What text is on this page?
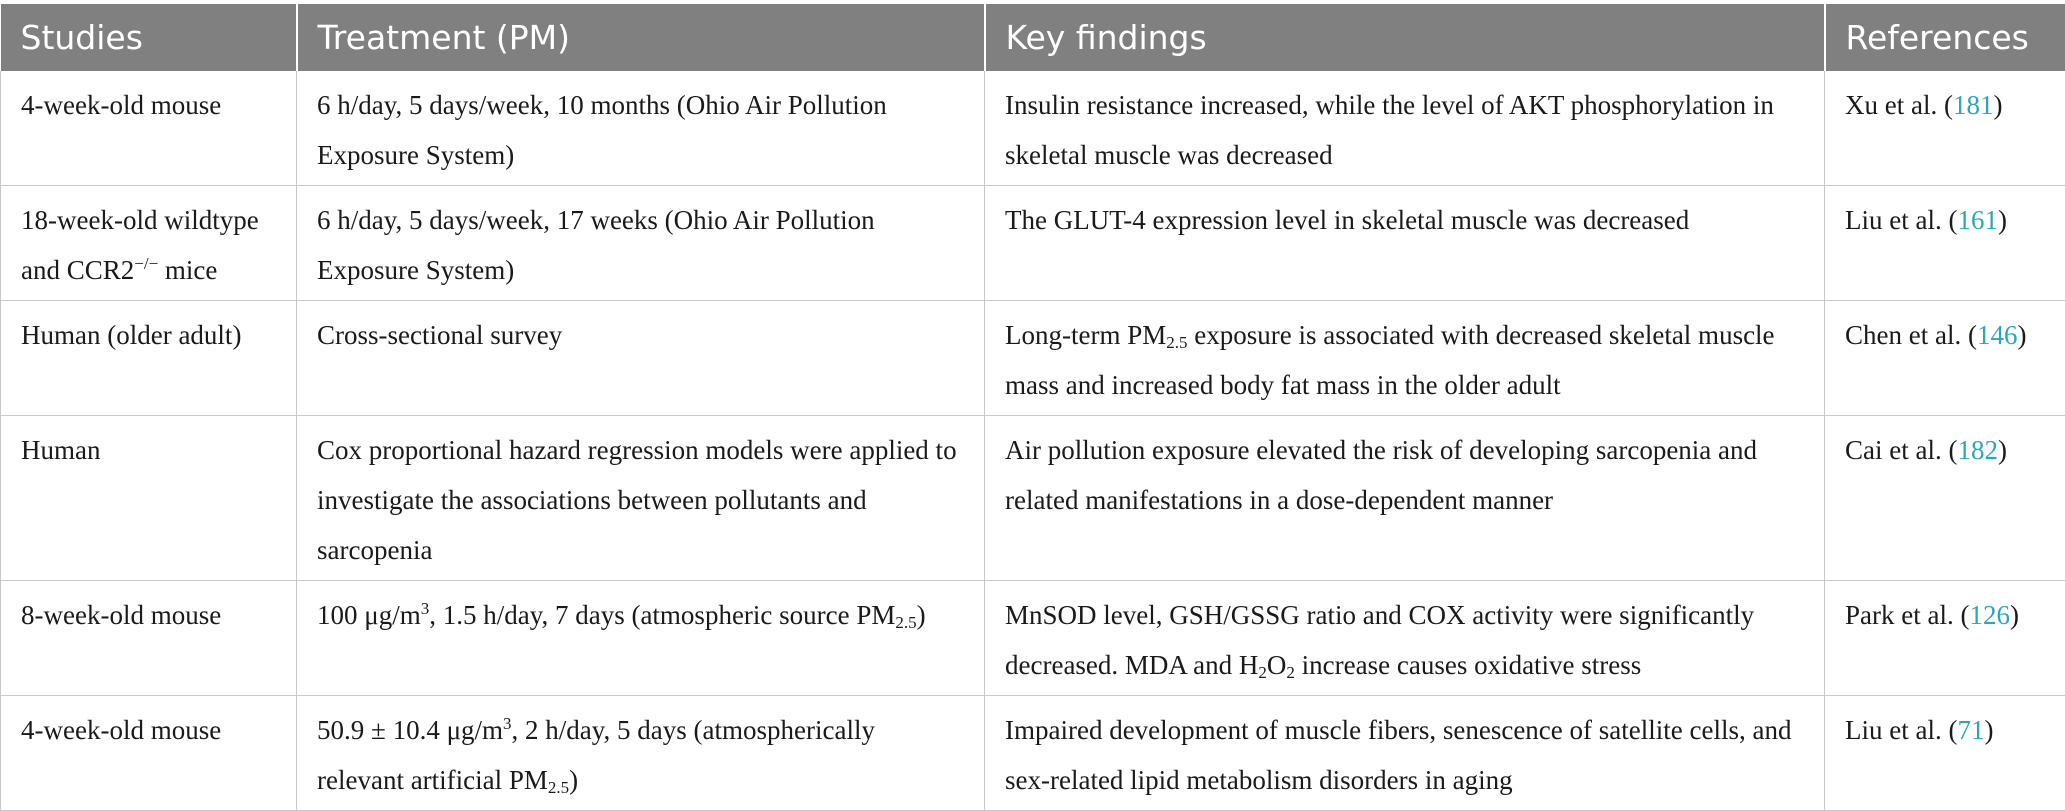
Studies	Treatment (PM)	Key findings	References
4-week-old mouse	6 h/day, 5 days/week, 10 months (Ohio Air Pollution Exposure System)	Insulin resistance increased, while the level of AKT phosphorylation in skeletal muscle was decreased	Xu et al. (181)
18-week-old wildtype and CCR2−/− mice	6 h/day, 5 days/week, 17 weeks (Ohio Air Pollution Exposure System)	The GLUT-4 expression level in skeletal muscle was decreased	Liu et al. (161)
Human (older adult)	Cross-sectional survey	Long-term $PM_{2.5}$ exposure is associated with decreased skeletal muscle mass and increased body fat mass in the older adult	Chen et al. (146)
Human	Cox proportional hazard regression models were applied to investigate the associations between pollutants and sarcopenia	Air pollution exposure elevated the risk of developing sarcopenia and related manifestations in a dose-dependent manner	Cai et al. (182)
8-week-old mouse	100 $\mu g/m^3$, 1.5 h/day, 7 days (atmospheric source $PM_{2.5}$)	MnSOD level, GSH/GSSG ratio and COX activity were significantly decreased. MDA and $H_2O_2$ increase causes oxidative stress	Park et al. (126)
4-week-old mouse	50.9 ± 10.4 $\mu g/m^3$, 2 h/day, 5 days (atmospherically relevant artificial $PM_{2.5}$)	Impaired development of muscle fibers, senescence of satellite cells, and sex-related lipid metabolism disorders in aging	Liu et al. (71)
